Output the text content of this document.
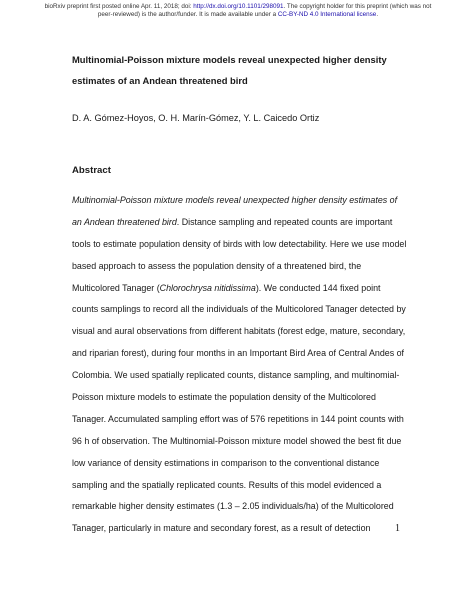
bioRxiv preprint first posted online Apr. 11, 2018; doi: http://dx.doi.org/10.1101/298091. The copyright holder for this preprint (which was not
peer-reviewed) is the author/funder. It is made available under a CC-BY-ND 4.0 International license.
Multinomial-Poisson mixture models reveal unexpected higher density
estimates of an Andean threatened bird
D. A. Gómez-Hoyos, O. H. Marín-Gómez, Y. L. Caicedo Ortiz
Abstract
Multinomial-Poisson mixture models reveal unexpected higher density estimates of
an Andean threatened bird. Distance sampling and repeated counts are important
tools to estimate population density of birds with low detectability. Here we use model
based approach to assess the population density of a threatened bird, the
Multicolored Tanager (Chlorochrysa nitidissima). We conducted 144 fixed point
counts samplings to record all the individuals of the Multicolored Tanager detected by
visual and aural observations from different habitats (forest edge, mature, secondary,
and riparian forest), during four months in an Important Bird Area of Central Andes of
Colombia. We used spatially replicated counts, distance sampling, and multinomial-
Poisson mixture models to estimate the population density of the Multicolored
Tanager. Accumulated sampling effort was of 576 repetitions in 144 point counts with
96 h of observation. The Multinomial-Poisson mixture model showed the best fit due
low variance of density estimations in comparison to the conventional distance
sampling and the spatially replicated counts. Results of this model evidenced a
remarkable higher density estimates (1.3 – 2.05 individuals/ha) of the Multicolored
Tanager, particularly in mature and secondary forest, as a result of detection	1
